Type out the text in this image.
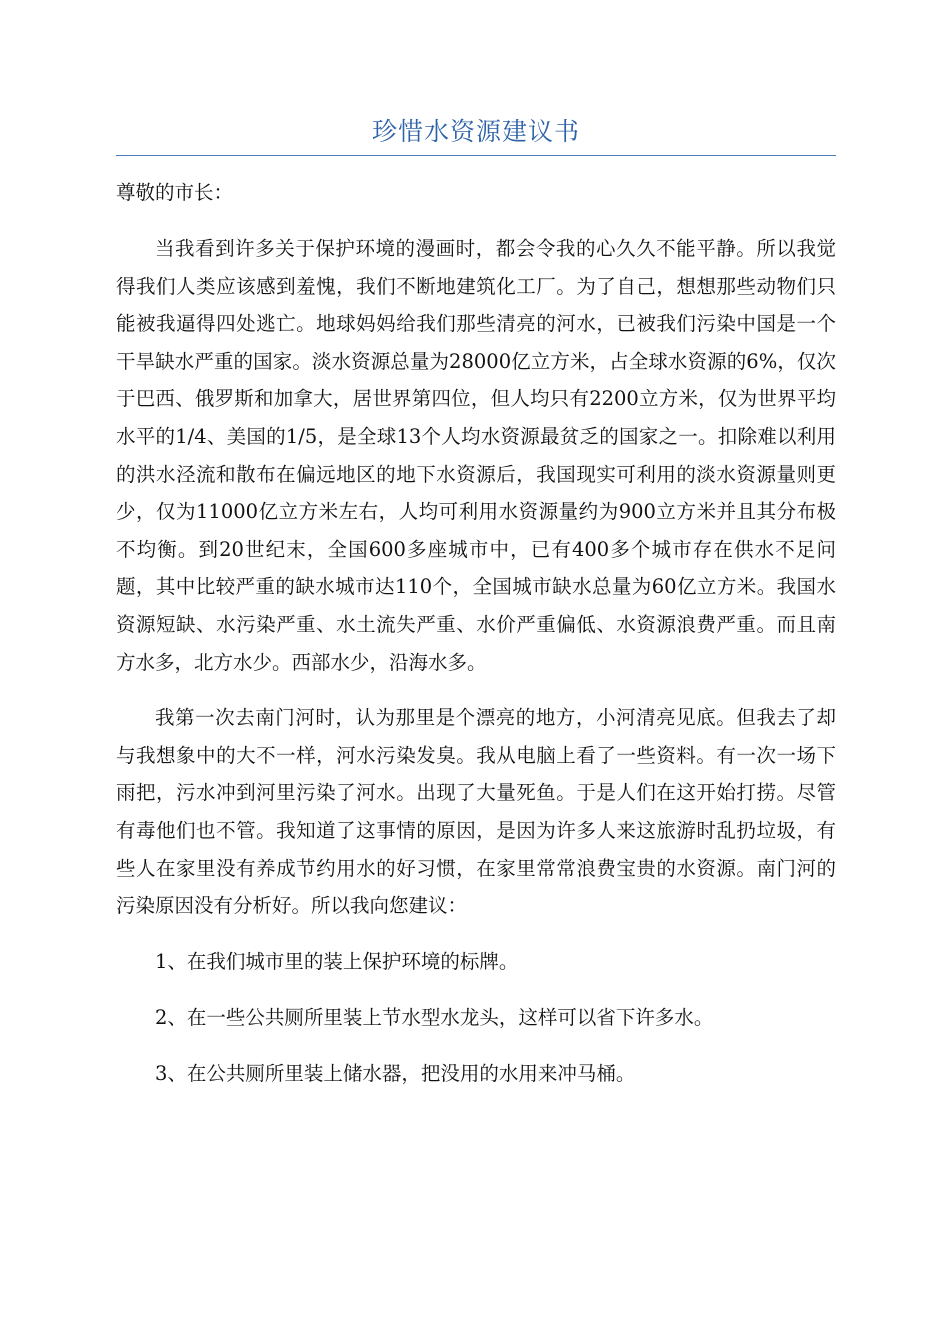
珍惜水资源建议书

尊敬的市长：

当我看到许多关于保护环境的漫画时，都会令我的心久久不能平静。所以我觉得我们人类应该感到羞愧，我们不断地建筑化工厂。为了自己，想想那些动物们只能被我逼得四处逃亡。地球妈妈给我们那些清亮的河水，已被我们污染中国是一个干旱缺水严重的国家。淡水资源总量为28000亿立方米，占全球水资源的6%，仅次于巴西、俄罗斯和加拿大，居世界第四位，但人均只有2200立方米，仅为世界平均水平的1/4、美国的1/5，是全球13个人均水资源最贫乏的国家之一。扣除难以利用的洪水泾流和散布在偏远地区的地下水资源后，我国现实可利用的淡水资源量则更少，仅为11000亿立方米左右，人均可利用水资源量约为900立方米并且其分布极不均衡。到20世纪末，全国600多座城市中，已有400多个城市存在供水不足问题，其中比较严重的缺水城市达110个，全国城市缺水总量为60亿立方米。我国水资源短缺、水污染严重、水土流失严重、水价严重偏低、水资源浪费严重。而且南方水多，北方水少。西部水少，沿海水多。

我第一次去南门河时，认为那里是个漂亮的地方，小河清亮见底。但我去了却与我想象中的大不一样，河水污染发臭。我从电脑上看了一些资料。有一次一场下雨把，污水冲到河里污染了河水。出现了大量死鱼。于是人们在这开始打捞。尽管有毒他们也不管。我知道了这事情的原因，是因为许多人来这旅游时乱扔垃圾，有些人在家里没有养成节约用水的好习惯，在家里常常浪费宝贵的水资源。南门河的污染原因没有分析好。所以我向您建议：

1、在我们城市里的装上保护环境的标牌。

2、在一些公共厕所里装上节水型水龙头，这样可以省下许多水。

3、在公共厕所里装上储水器，把没用的水用来冲马桶。
